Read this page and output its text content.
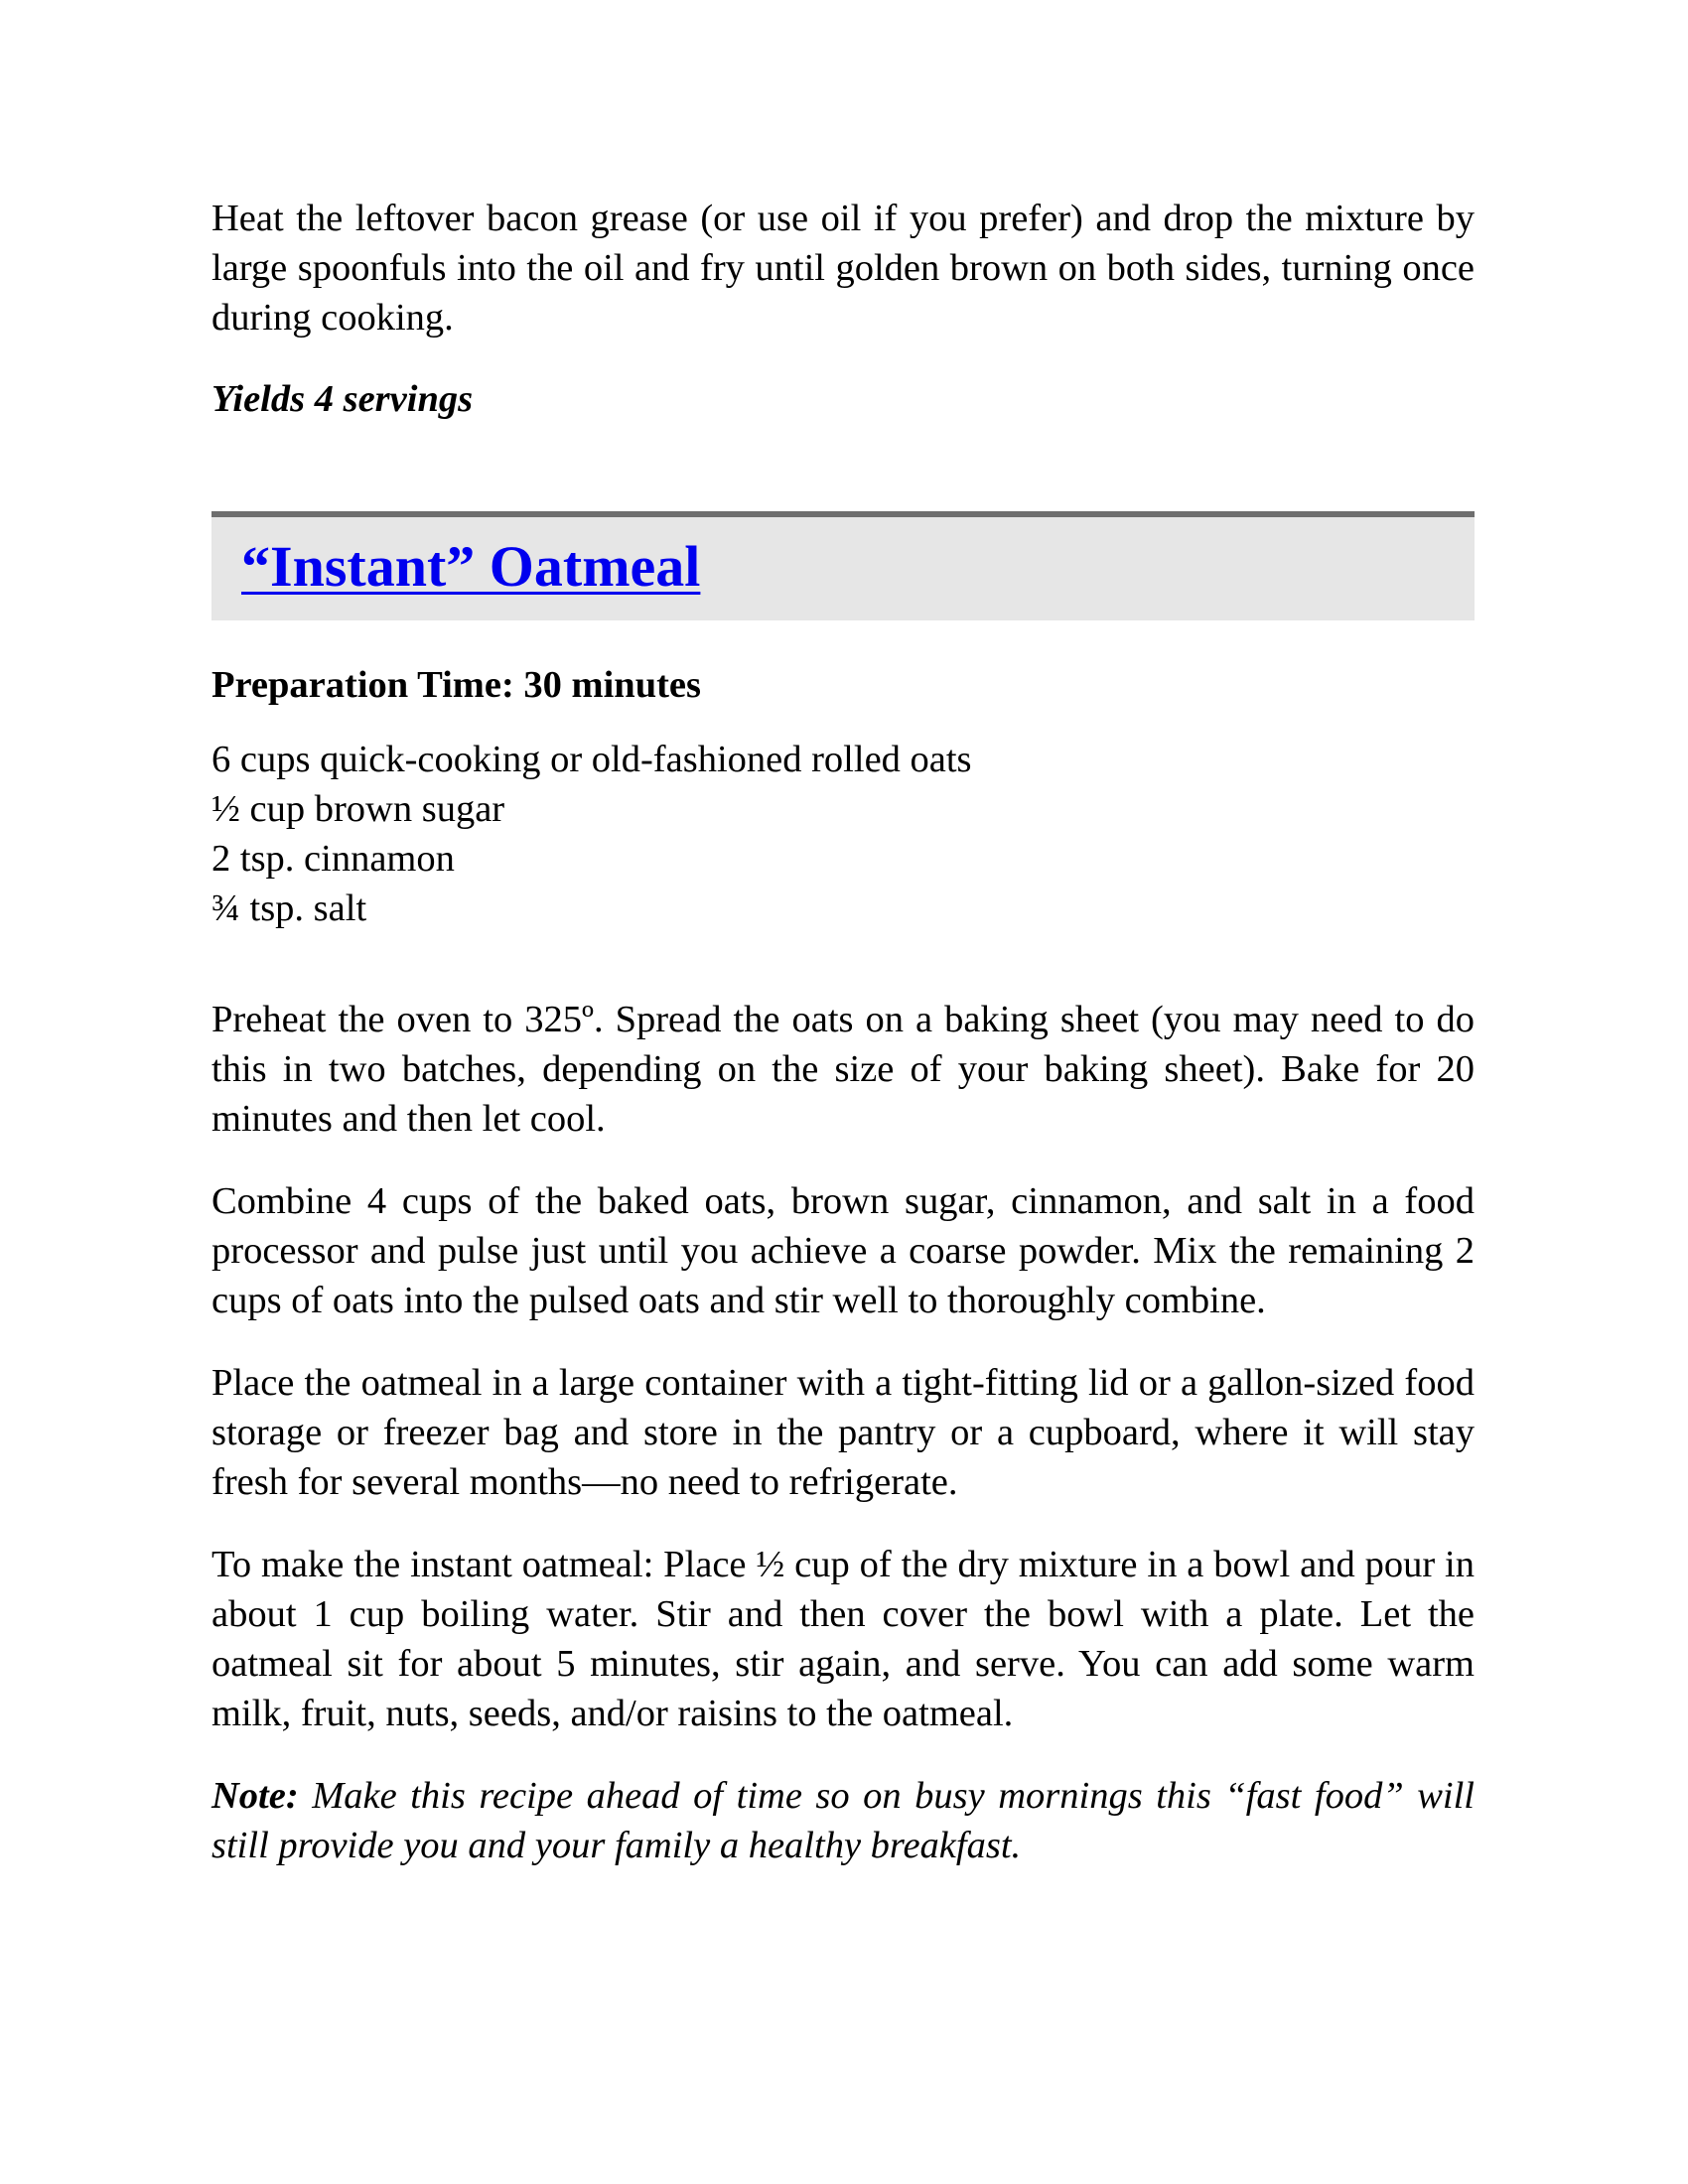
Heat the leftover bacon grease (or use oil if you prefer) and drop the mixture by large spoonfuls into the oil and fry until golden brown on both sides, turning once during cooking.

Yields 4 servings

“Instant” Oatmeal

Preparation Time: 30 minutes

6 cups quick-cooking or old-fashioned rolled oats
½ cup brown sugar
2 tsp. cinnamon
¾ tsp. salt

Preheat the oven to 325º. Spread the oats on a baking sheet (you may need to do this in two batches, depending on the size of your baking sheet). Bake for 20 minutes and then let cool.

Combine 4 cups of the baked oats, brown sugar, cinnamon, and salt in a food processor and pulse just until you achieve a coarse powder. Mix the remaining 2 cups of oats into the pulsed oats and stir well to thoroughly combine.

Place the oatmeal in a large container with a tight-fitting lid or a gallon-sized food storage or freezer bag and store in the pantry or a cupboard, where it will stay fresh for several months—no need to refrigerate.

To make the instant oatmeal: Place ½ cup of the dry mixture in a bowl and pour in about 1 cup boiling water. Stir and then cover the bowl with a plate. Let the oatmeal sit for about 5 minutes, stir again, and serve. You can add some warm milk, fruit, nuts, seeds, and/or raisins to the oatmeal.

Note: Make this recipe ahead of time so on busy mornings this “fast food” will still provide you and your family a healthy breakfast.
